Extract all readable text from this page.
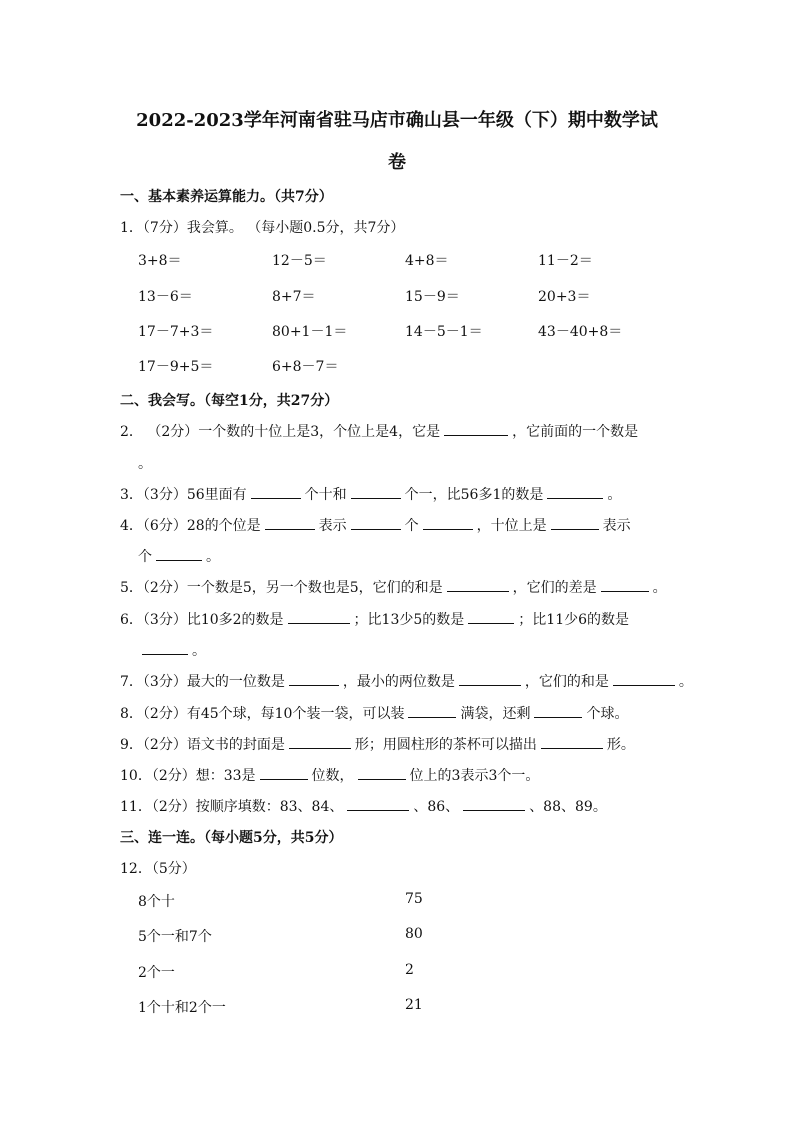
2022-2023学年河南省驻马店市确山县一年级（下）期中数学试
卷
一、基本素养运算能力。（共7分）
1．（7分）我会算。 （每小题0.5分，共7分）
3+8＝	12－5＝	4+8＝	11－2＝
13－6＝	8+7＝	15－9＝	20+3＝
17－7+3＝	80+1－1＝	14－5－1＝	43－40+8＝
17－9+5＝	6+8－7＝
二、我会写。（每空1分，共27分）
2． （2分）一个数的十位上是3，个位上是4，它是	，它前面的一个数是
。
3．（3分）56里面有	个十和	个一，比56多1的数是	。
4．（6分）28的个位是	表示	个	，十位上是	表示
个	。
5．（2分）一个数是5，另一个数也是5，它们的和是	，它们的差是	。
6．（3分）比10多2的数是	；比13少5的数是	；比11少6的数是
。
7．（3分）最大的一位数是	，最小的两位数是	，它们的和是	。
8．（2分）有45个球，每10个装一袋，可以装	满袋，还剩	个球。
9．（2分）语文书的封面是	形；用圆柱形的茶杯可以描出	形。
10．（2分）想：33是	位数，	位上的3表示3个一。
11．（2分）按顺序填数：83、84、	、86、	、88、89。
三、连一连。（每小题5分，共5分）
12．（5分）
8个十	75
5个一和7个	80
2个一	2
1个十和2个一	21
